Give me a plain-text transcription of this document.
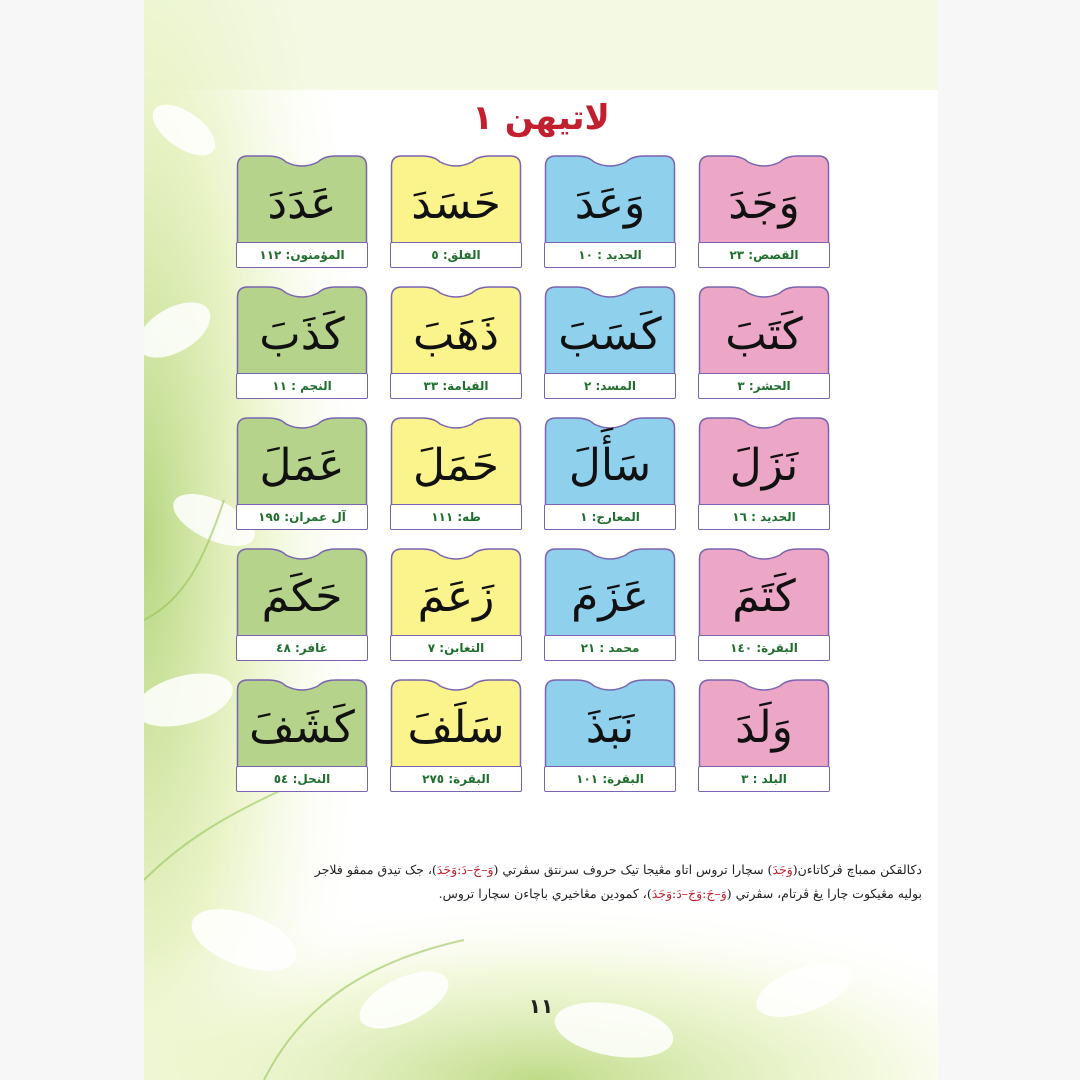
لاتيهن ١
وَجَدَ
القصص: ٢٣
وَعَدَ
الحديد : ١٠
حَسَدَ
الفلق: ٥
عَدَدَ
المؤمنون: ١١٢
كَتَبَ
الحشر: ٣
كَسَبَ
المسد: ٢
ذَهَبَ
القيامة: ٣٣
كَذَبَ
النجم : ١١
نَزَلَ
الحديد : ١٦
سَأَلَ
المعارج: ١
حَمَلَ
طه: ١١١
عَمَلَ
آل عمران: ١٩٥
كَتَمَ
البقرة: ١٤٠
عَزَمَ
محمد : ٢١
زَعَمَ
التغابن: ٧
حَكَمَ
غافر: ٤٨
وَلَدَ
البلد : ٣
نَبَذَ
البقرة: ١٠١
سَلَفَ
البقرة: ٢٧٥
كَشَفَ
النحل: ٥٤
دکالقکن ممباچ ڤرکاتاءن(وَجَدَ) سچارا تروس اتاو مڠيجا تيک حروف سرنتق سڤرتي (وَ–جَ–دَ:وَجَدَ)، جک تيدق ممڤو فلاجر
بوليه مڠيکوت چارا يڠ ڤرتام، سڤرتي (وَ–جَ:وَجَ–دَ:وَجَدَ)، کمودين مڠاخيري باچاءن سچارا تروس.
١١
